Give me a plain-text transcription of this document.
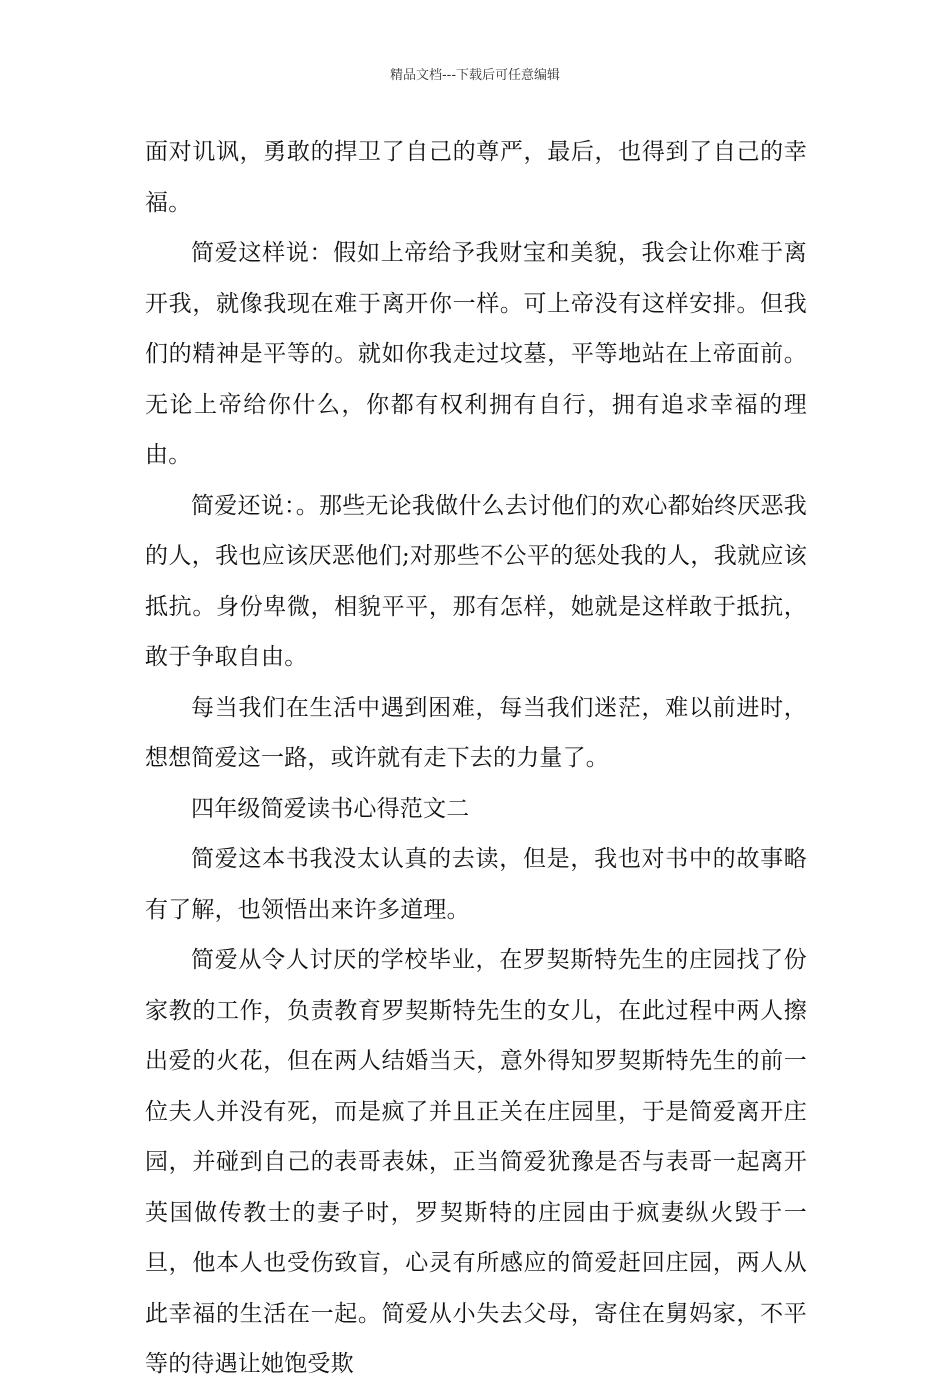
精品文档---下载后可任意编辑

面对讥讽，勇敢的捍卫了自己的尊严，最后，也得到了自己的幸福。

简爱这样说：假如上帝给予我财宝和美貌，我会让你难于离开我，就像我现在难于离开你一样。可上帝没有这样安排。但我们的精神是平等的。就如你我走过坟墓，平等地站在上帝面前。无论上帝给你什么，你都有权利拥有自行，拥有追求幸福的理由。

简爱还说：。那些无论我做什么去讨他们的欢心都始终厌恶我的人，我也应该厌恶他们;对那些不公平的惩处我的人，我就应该抵抗。身份卑微，相貌平平，那有怎样，她就是这样敢于抵抗，敢于争取自由。

每当我们在生活中遇到困难，每当我们迷茫，难以前进时，想想简爱这一路，或许就有走下去的力量了。

四年级简爱读书心得范文二

简爱这本书我没太认真的去读，但是，我也对书中的故事略有了解，也领悟出来许多道理。

简爱从令人讨厌的学校毕业，在罗契斯特先生的庄园找了份家教的工作，负责教育罗契斯特先生的女儿，在此过程中两人擦出爱的火花，但在两人结婚当天，意外得知罗契斯特先生的前一位夫人并没有死，而是疯了并且正关在庄园里，于是简爱离开庄园，并碰到自己的表哥表妹，正当简爱犹豫是否与表哥一起离开英国做传教士的妻子时，罗契斯特的庄园由于疯妻纵火毁于一旦，他本人也受伤致盲，心灵有所感应的简爱赶回庄园，两人从此幸福的生活在一起。简爱从小失去父母，寄住在舅妈家，不平等的待遇让她饱受欺
